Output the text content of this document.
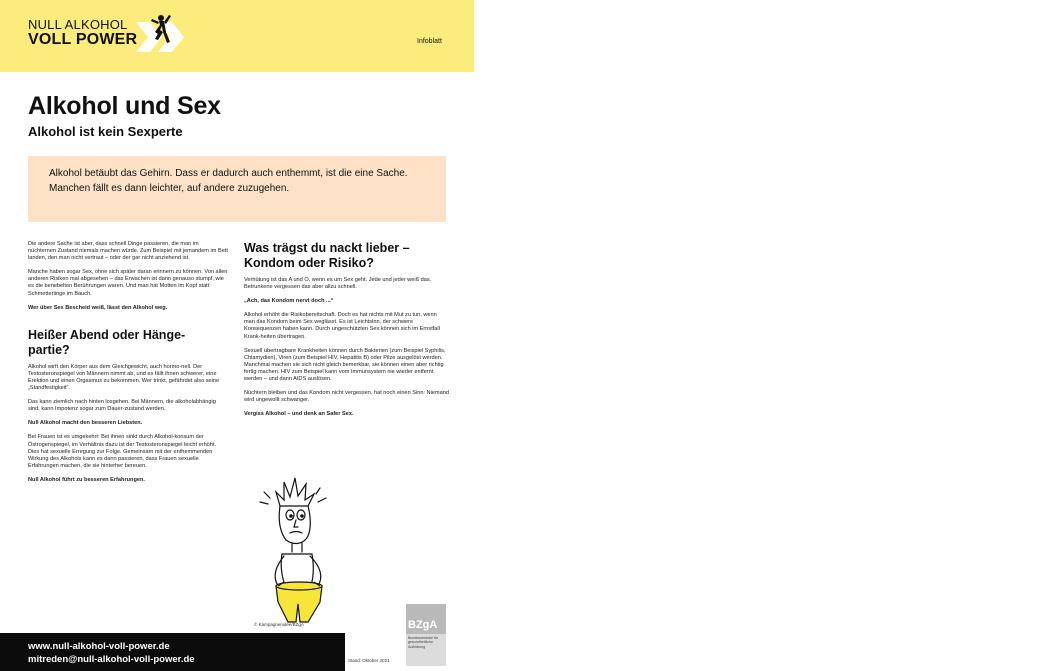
NULL ALKOHOL
VOLL POWER	Infoblatt
Alkohol und Sex
Alkohol ist kein Sexperte
Alkohol betäubt das Gehirn. Dass er dadurch auch enthemmt, ist die eine Sache. Manchen fällt es dann leichter, auf andere zuzugehen.

Die andere Sache ist aber, dass schnell Dinge passieren, die man im nüchternen Zustand niemals machen würde. Zum Beispiel mit jemandem im Bett landen, den man nicht vertraut – oder der gar nicht anziehend ist.

Manche haben sogar Sex, ohne sich später daran erinnern zu können. Von allen anderen Risiken mal abgesehen – das Erwachen ist dann genauso stumpf, wie es die benebelten Berührungen waren. Und man hat Motten im Kopf statt Schmetterlinge im Bauch.

Wer über Sex Bescheid weiß, lässt den Alkohol weg.

Heißer Abend oder Hänge-partie?

Alkohol wirft den Körper aus dem Gleichgewicht, auch hormo-nell. Der Testosteronspiegel von Männern nimmt ab, und es fällt ihnen schwerer, eine Erektion und einen Orgasmus zu bekommen. Wer trinkt, gefährdet also seine „Standfestigkeit“.

Das kann ziemlich nach hinten losgehen. Bei Männern, die alkoholabhängig sind, kann Impotenz sogar zum Dauer-zustand werden.

Null Alkohol macht den besseren Liebsten.

Bei Frauen ist es umgekehrt: Bei ihnen sinkt durch Alkohol-konsum der Östrogenspiegel, im Verhältnis dazu ist der Testosteronspiegel leicht erhöht. Dies hat sexuelle Erregung zur Folge. Gemeinsam mit der enthemmenden Wirkung des Alkohols kann es dann passieren, dass Frauen sexuelle Erfahrungen machen, die sie hinterher bereuen.

Null Alkohol führt zu besseren Erfahrungen.

Was trägst du nackt lieber – Kondom oder Risiko?

Verhütung ist das A und O, wenn es um Sex geht. Jede und jeder weiß das. Betrunkene vergessen das aber allzu schnell.

„Ach, das Kondom nervt doch ...“

Alkohol erhöht die Risikobereitschaft. Doch es hat nichts mit Mut zu tun, wenn man das Kondom beim Sex weglässt. Es ist Leichtsinn, der schwere Konsequenzen haben kann. Durch ungeschützten Sex können sich im Ernstfall Krank-heiten übertragen.

Sexuell übertragbare Krankheiten können durch Bakterien (zum Beispiel Syphilis, Chlamydien), Viren (zum Beispiel HIV, Hepatitis B) oder Pilze ausgelöst werden. Manchmal machen sie sich nicht gleich bemerkbar, sie können einen aber richtig fertig machen. HIV zum Beispiel kann vom Immunsystem nie wieder entfernt werden – und dann AIDS auslösen.

Nüchtern bleiben und das Kondom nicht vergessen, hat noch einen Sinn: Niemand wird ungewollt schwanger.

Vergiss Alkohol – und denk an Safer Sex.

© Kampagnenidee/BZgA	BZgA
Bundeszentrale für gesundheitliche Aufklärung
www.null-alkohol-voll-power.de
mitreden@null-alkohol-voll-power.de	Stand: Oktober 2021
